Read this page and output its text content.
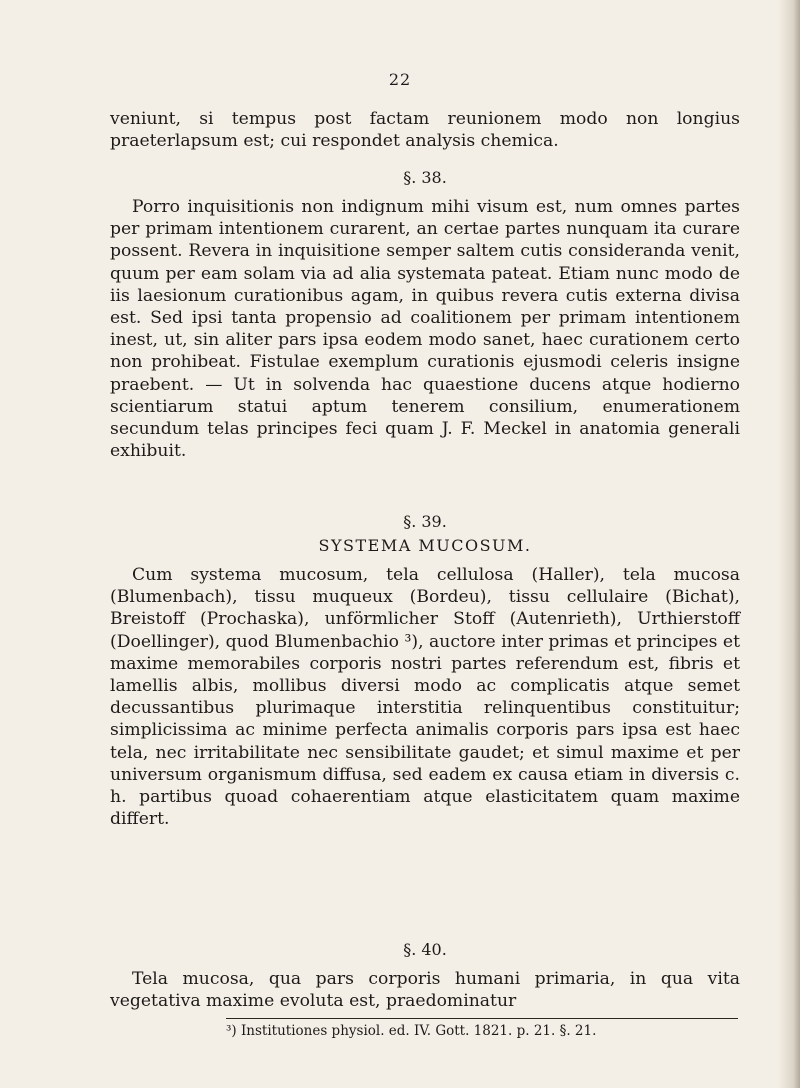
22

veniunt, si tempus post factam reunionem modo non longius praeterlapsum est; cui respondet analysis chemica.

§. 38.

Porro inquisitionis non indignum mihi visum est, num omnes partes per primam intentionem curarent, an certae partes nunquam ita curare possent. Revera in inquisitione semper saltem cutis consideranda venit, quum per eam solam via ad alia systemata pateat. Etiam nunc modo de iis laesionum curationibus agam, in quibus revera cutis externa divisa est. Sed ipsi tanta propensio ad coalitionem per primam intentionem inest, ut, sin aliter pars ipsa eodem modo sanet, haec curationem certo non prohibeat. Fistulae exemplum curationis ejusmodi celeris insigne praebent. — Ut in solvenda hac quaestione ducens atque hodierno scientiarum statui aptum tenerem consilium, enumerationem secundum telas principes feci quam J. F. Meckel in anatomia generali exhibuit.

§. 39.
SYSTEMA MUCOSUM.

Cum systema mucosum, tela cellulosa (Haller), tela mucosa (Blumenbach), tissu muqueux (Bordeu), tissu cellulaire (Bichat), Breistoff (Prochaska), unförmlicher Stoff (Autenrieth), Urthierstoff (Doellinger), quod Blumenbachio ³), auctore inter primas et principes et maxime memorabiles corporis nostri partes referendum est, fibris et lamellis albis, mollibus diversi modo ac complicatis atque semet decussantibus plurimaque interstitia relinquentibus constituitur; simplicissima ac minime perfecta animalis corporis pars ipsa est haec tela, nec irritabilitate nec sensibilitate gaudet; et simul maxime et per universum organismum diffusa, sed eadem ex causa etiam in diversis c. h. partibus quoad cohaerentiam atque elasticitatem quam maxime differt.

§. 40.

Tela mucosa, qua pars corporis humani primaria, in qua vita vegetativa maxime evoluta est, praedominatur

³) Institutiones physiol. ed. IV. Gott. 1821. p. 21. §. 21.
